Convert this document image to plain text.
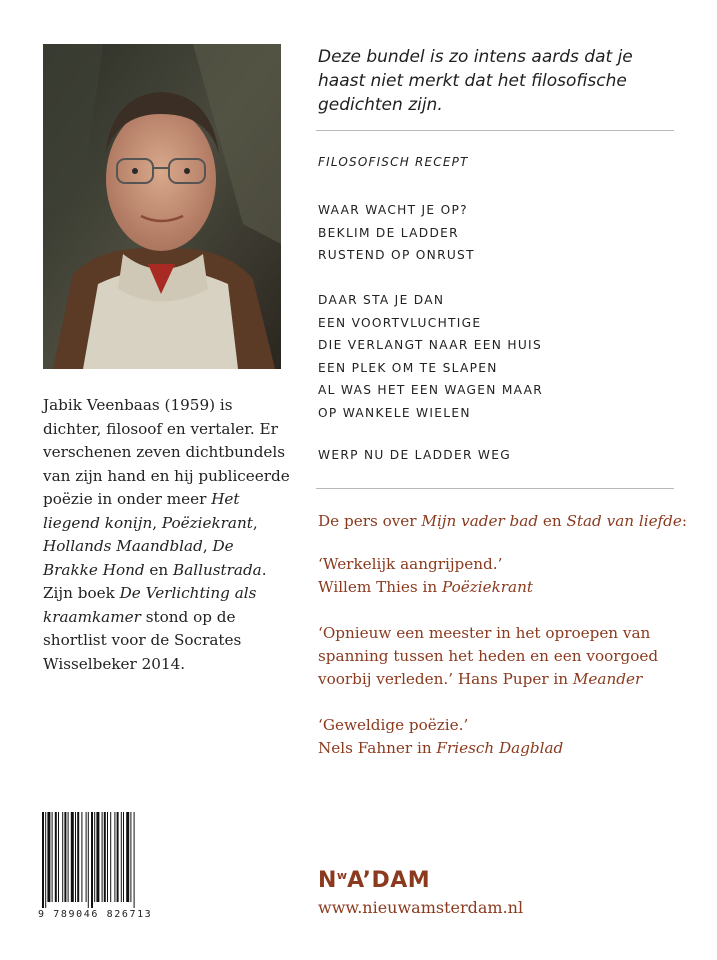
Jabik Veenbaas (1959) is dichter, filosoof en vertaler. Er verschenen zeven dichtbundels van zijn hand en hij publiceerde poëzie in onder meer Het liegend konijn, Poëziekrant, Hollands Maandblad, De Brakke Hond en Ballustrada. Zijn boek De Verlichting als kraamkamer stond op de shortlist voor de Socrates Wisselbeker 2014.
Deze bundel is zo intens aards dat je haast niet merkt dat het filosofische gedichten zijn.
FILOSOFISCH RECEPT
WAAR WACHT JE OP?
BEKLIM DE LADDER
RUSTEND OP ONRUST
DAAR STA JE DAN
EEN VOORTVLUCHTIGE
DIE VERLANGT NAAR EEN HUIS
EEN PLEK OM TE SLAPEN
AL WAS HET EEN WAGEN MAAR
OP WANKELE WIELEN
WERP NU DE LADDER WEG
De pers over Mijn vader bad en Stad van liefde:
‘Werkelijk aangrijpend.’
Willem Thies in Poëziekrant
‘Opnieuw een meester in het oproepen van spanning tussen het heden en een voorgoed voorbij verleden.’ Hans Puper in Meander
‘Geweldige poëzie.’
Nels Fahner in Friesch Dagblad
9 789046 826713
$N^wA’DAM$
www.nieuwamsterdam.nl
